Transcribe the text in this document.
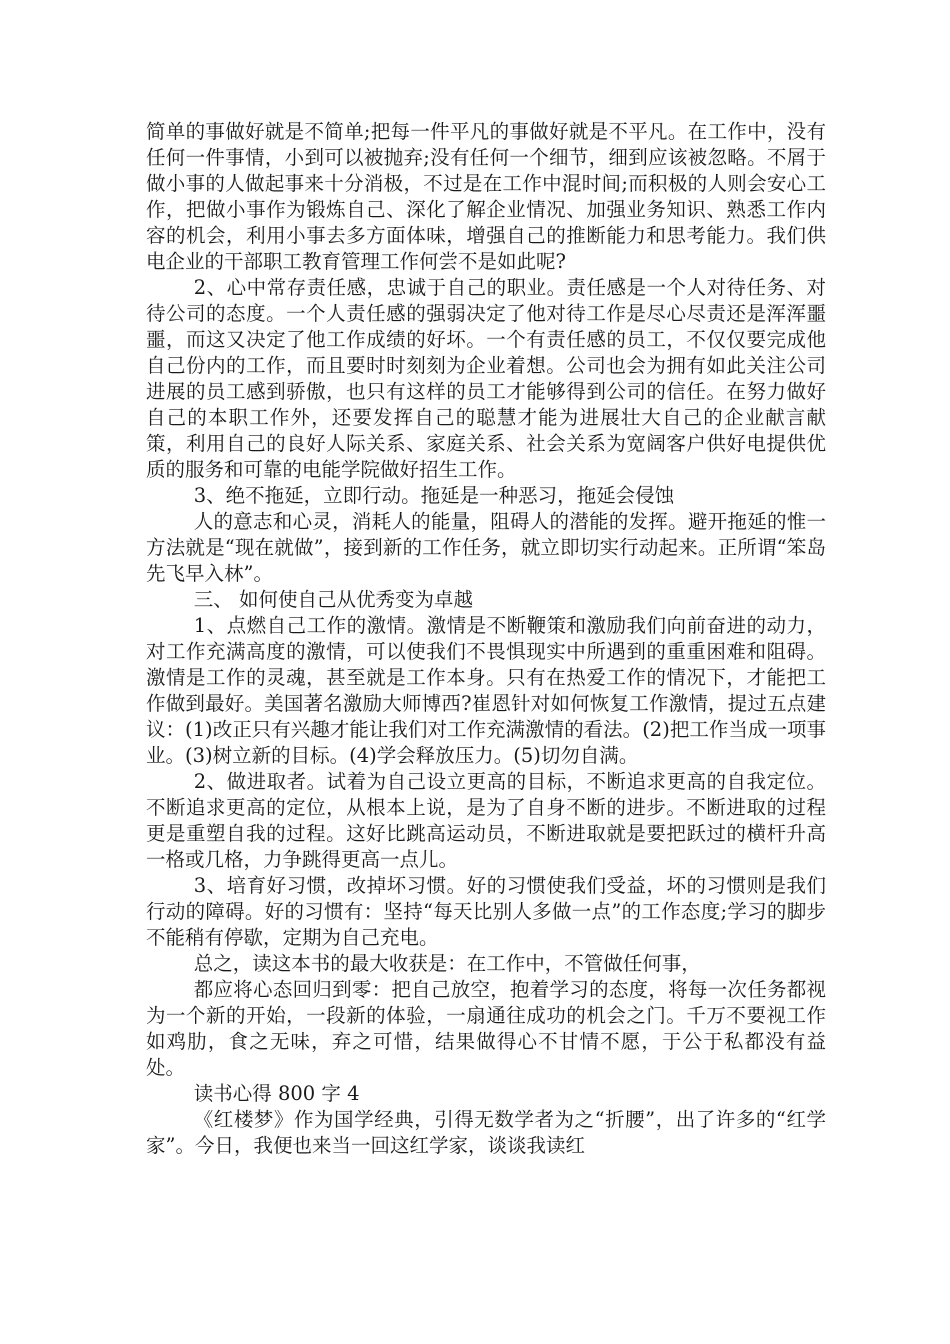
简单的事做好就是不简单;把每一件平凡的事做好就是不平凡。在工作中，没有任何一件事情，小到可以被抛弃;没有任何一个细节，细到应该被忽略。不屑于做小事的人做起事来十分消极，不过是在工作中混时间;而积极的人则会安心工作，把做小事作为锻炼自己、深化了解企业情况、加强业务知识、熟悉工作内容的机会，利用小事去多方面体味，增强自己的推断能力和思考能力。我们供电企业的干部职工教育管理工作何尝不是如此呢?

2、心中常存责任感，忠诚于自己的职业。责任感是一个人对待任务、对待公司的态度。一个人责任感的强弱决定了他对待工作是尽心尽责还是浑浑噩噩，而这又决定了他工作成绩的好坏。一个有责任感的员工，不仅仅要完成他自己份内的工作，而且要时时刻刻为企业着想。公司也会为拥有如此关注公司进展的员工感到骄傲，也只有这样的员工才能够得到公司的信任。在努力做好自己的本职工作外，还要发挥自己的聪慧才能为进展壮大自己的企业献言献策，利用自己的良好人际关系、家庭关系、社会关系为宽阔客户供好电提供优质的服务和可靠的电能学院做好招生工作。

3、绝不拖延，立即行动。拖延是一种恶习，拖延会侵蚀

人的意志和心灵，消耗人的能量，阻碍人的潜能的发挥。避开拖延的惟一方法就是“现在就做”，接到新的工作任务，就立即切实行动起来。正所谓“笨岛先飞早入林”。

三、 如何使自己从优秀变为卓越

1、点燃自己工作的激情。激情是不断鞭策和激励我们向前奋进的动力，对工作充满高度的激情，可以使我们不畏惧现实中所遇到的重重困难和阻碍。激情是工作的灵魂，甚至就是工作本身。只有在热爱工作的情况下，才能把工作做到最好。美国著名激励大师博西?崔恩针对如何恢复工作激情，提过五点建议：(1)改正只有兴趣才能让我们对工作充满激情的看法。(2)把工作当成一项事业。(3)树立新的目标。(4)学会释放压力。(5)切勿自满。

2、做进取者。试着为自己设立更高的目标，不断追求更高的自我定位。不断追求更高的定位，从根本上说，是为了自身不断的进步。不断进取的过程更是重塑自我的过程。这好比跳高运动员，不断进取就是要把跃过的横杆升高一格或几格，力争跳得更高一点儿。

3、培育好习惯，改掉坏习惯。好的习惯使我们受益，坏的习惯则是我们行动的障碍。好的习惯有：坚持“每天比别人多做一点”的工作态度;学习的脚步不能稍有停歇，定期为自己充电。

总之，读这本书的最大收获是：在工作中，不管做任何事，

都应将心态回归到零：把自己放空，抱着学习的态度，将每一次任务都视为一个新的开始，一段新的体验，一扇通往成功的机会之门。千万不要视工作如鸡肋，食之无味，弃之可惜，结果做得心不甘情不愿，于公于私都没有益处。

读书心得 800 字 4

《红楼梦》作为国学经典，引得无数学者为之“折腰”，出了许多的“红学家”。今日，我便也来当一回这红学家，谈谈我读红
